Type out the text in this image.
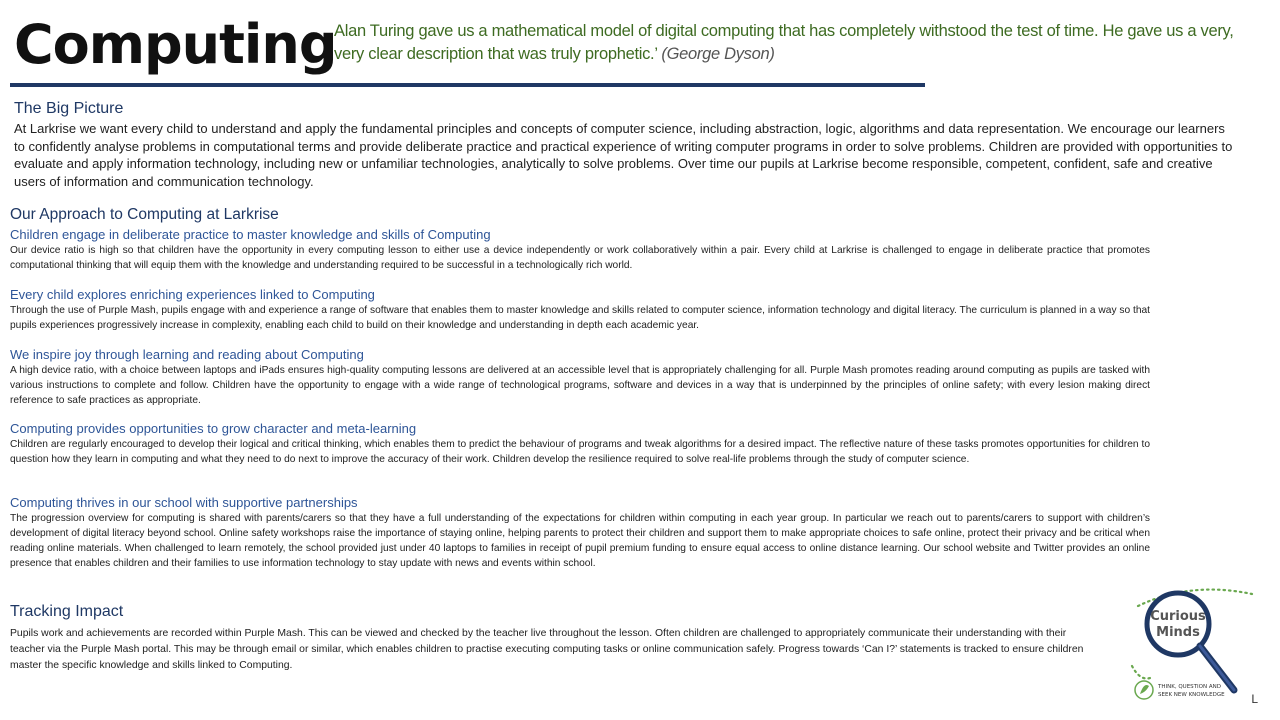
Computing
Alan Turing gave us a mathematical model of digital computing that has completely withstood the test of time. He gave us a very, very clear description that was truly prophetic.’ (George Dyson)
The Big Picture
At Larkrise we want every child to understand and apply the fundamental principles and concepts of computer science, including abstraction, logic, algorithms and data representation. We encourage our learners to confidently analyse problems in computational terms and provide deliberate practice and practical experience of writing computer programs in order to solve problems. Children are provided with opportunities to evaluate and apply information technology, including new or unfamiliar technologies, analytically to solve problems. Over time our pupils at Larkrise become responsible, competent, confident, safe and creative users of information and communication technology.
Our Approach to Computing at Larkrise
Children engage in deliberate practice to master knowledge and skills of Computing
Our device ratio is high so that children have the opportunity in every computing lesson to either use a device independently or work collaboratively within a pair. Every child at Larkrise is challenged to engage in deliberate practice that promotes computational thinking that will equip them with the knowledge and understanding required to be successful in a technologically rich world.
Every child explores enriching experiences linked to Computing
Through the use of Purple Mash, pupils engage with and experience a range of software that enables them to master knowledge and skills related to computer science, information technology and digital literacy. The curriculum is planned in a way so that pupils experiences progressively increase in complexity, enabling each child to build on their knowledge and understanding in depth each academic year.
We inspire joy through learning and reading about Computing
A high device ratio, with a choice between laptops and iPads ensures high-quality computing lessons are delivered at an accessible level that is appropriately challenging for all. Purple Mash promotes reading around computing as pupils are tasked with various instructions to complete and follow. Children have the opportunity to engage with a wide range of technological programs, software and devices in a way that is underpinned by the principles of online safety; with every lesion making direct reference to safe practices as appropriate.
Computing provides opportunities to grow character and meta-learning
Children are regularly encouraged to develop their logical and critical thinking, which enables them to predict the behaviour of programs and tweak algorithms for a desired impact. The reflective nature of these tasks promotes opportunities for children to question how they learn in computing and what they need to do next to improve the accuracy of their work. Children develop the resilience required to solve real-life problems through the study of computer science.
Computing thrives in our school with supportive partnerships
The progression overview for computing is shared with parents/carers so that they have a full understanding of the expectations for children within computing in each year group. In particular we reach out to parents/carers to support with children’s development of digital literacy beyond school. Online safety workshops raise the importance of staying online, helping parents to protect their children and support them to make appropriate choices to safe online, protect their privacy and be critical when reading online materials. When challenged to learn remotely, the school provided just under 40 laptops to families in receipt of pupil premium funding to ensure equal access to online distance learning. Our school website and Twitter provides an online presence that enables children and their families to use information technology to stay update with news and events within school.
Tracking Impact
Pupils work and achievements are recorded within Purple Mash. This can be viewed and checked by the teacher live throughout the lesson. Often children are challenged to appropriately communicate their understanding with their teacher via the Purple Mash portal. This may be through email or similar, which enables children to practise executing computing tasks or online communication safely. Progress towards ‘Can I?’ statements is tracked to ensure children master the specific knowledge and skills linked to Computing.
Curious
Minds
THINK, QUESTION AND
SEEK NEW KNOWLEDGE L
